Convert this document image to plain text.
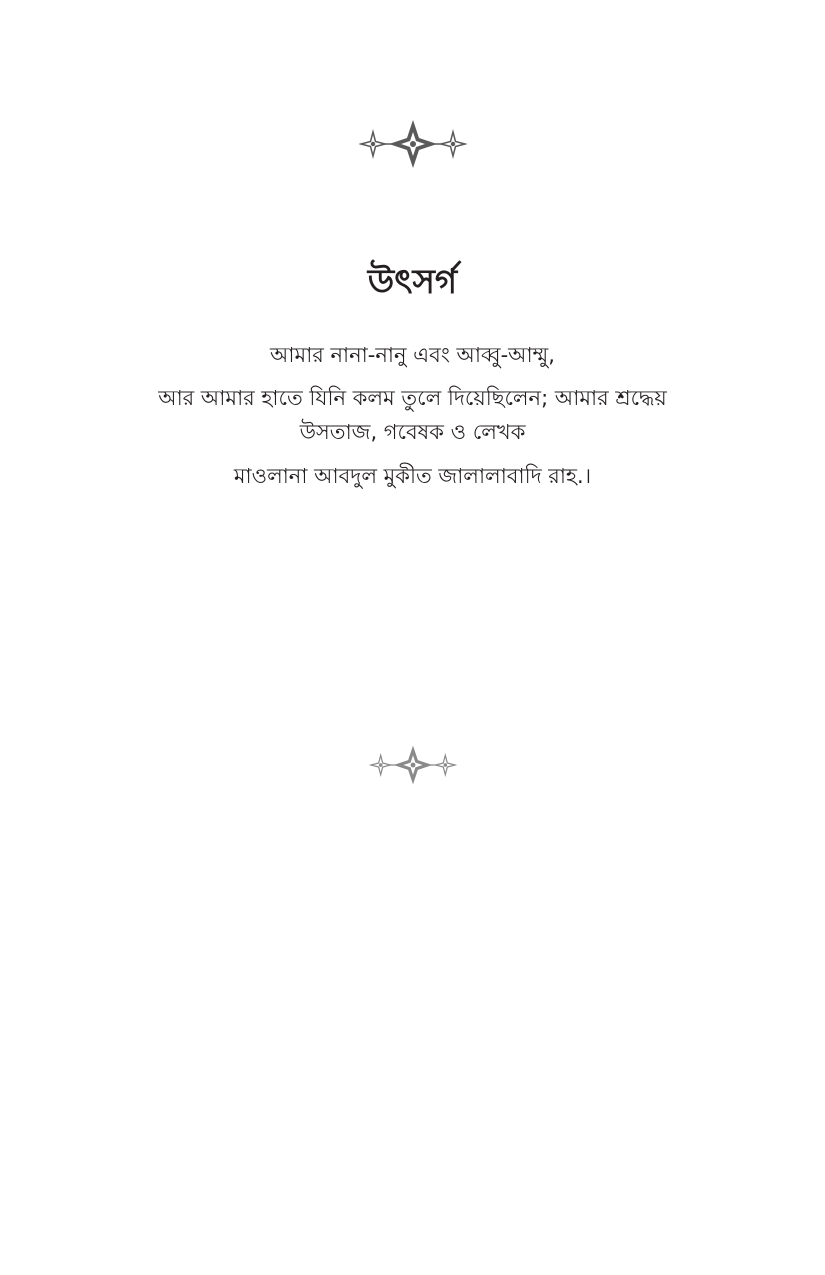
উৎসর্গ

আমার নানা-নানু এবং আব্বু-আম্মু,

আর আমার হাতে যিনি কলম তুলে দিয়েছিলেন; আমার শ্রদ্ধেয়

উসতাজ, গবেষক ও লেখক

মাওলানা আবদুল মুকীত জালালাবাদি রাহ.।
